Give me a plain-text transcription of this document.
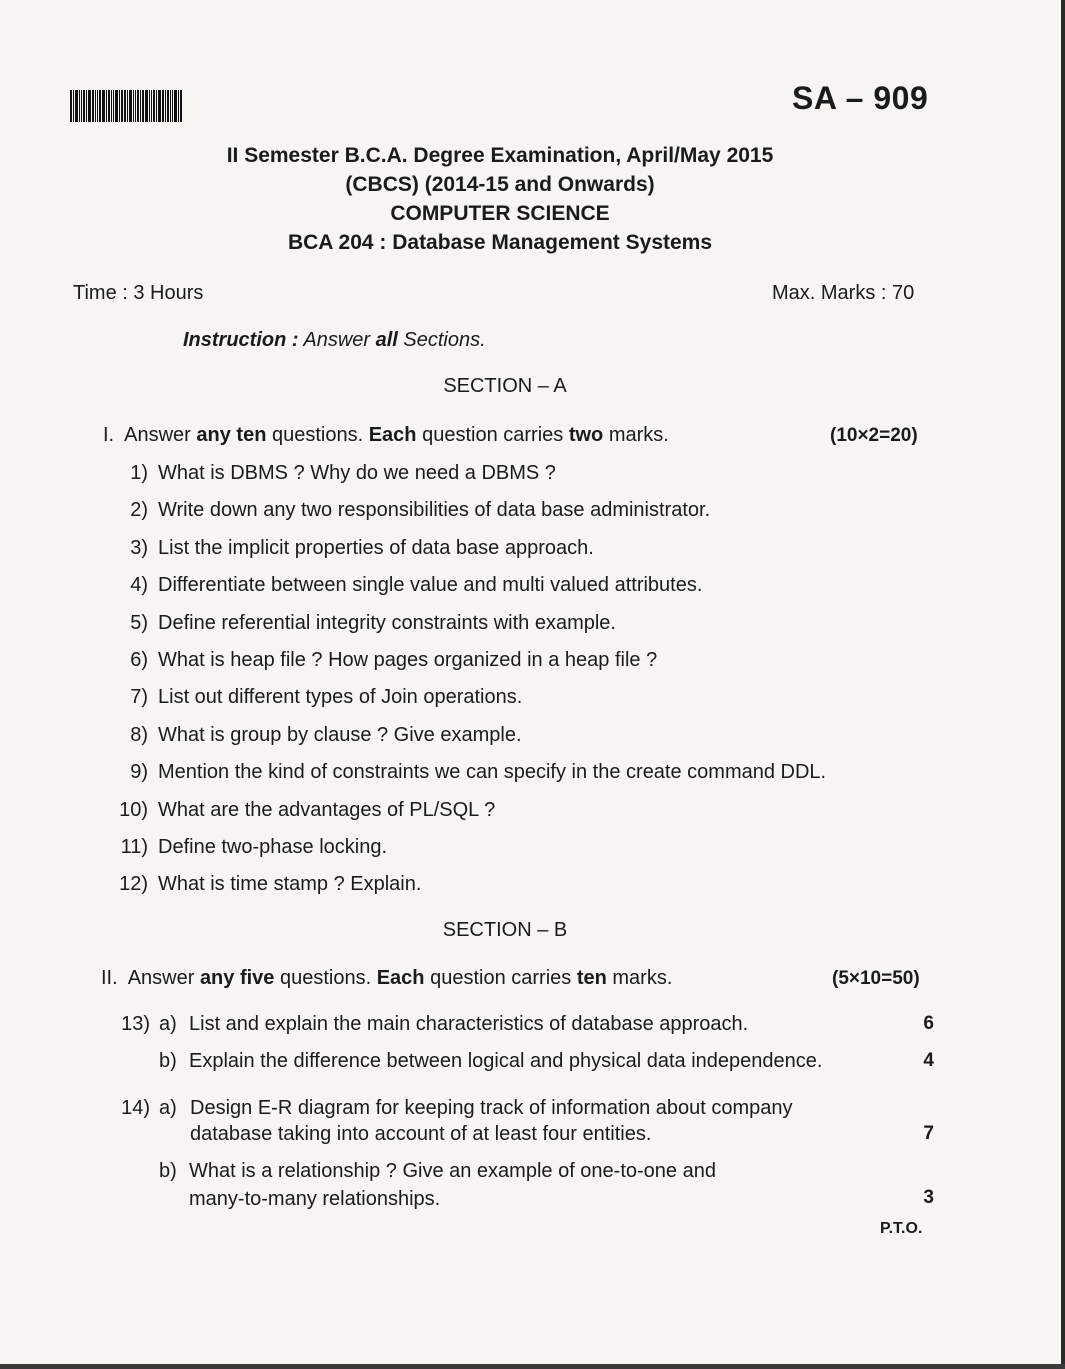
SA – 909
II Semester B.C.A. Degree Examination, April/May 2015
(CBCS) (2014-15 and Onwards)
COMPUTER SCIENCE
BCA 204 : Database Management Systems
Time : 3 Hours	Max. Marks : 70
Instruction : Answer all Sections.
SECTION – A
I. Answer any ten questions. Each question carries two marks.	(10×2=20)
1) What is DBMS ? Why do we need a DBMS ?
2) Write down any two responsibilities of data base administrator.
3) List the implicit properties of data base approach.
4) Differentiate between single value and multi valued attributes.
5) Define referential integrity constraints with example.
6) What is heap file ? How pages organized in a heap file ?
7) List out different types of Join operations.
8) What is group by clause ? Give example.
9) Mention the kind of constraints we can specify in the create command DDL.
10) What are the advantages of PL/SQL ?
11) Define two-phase locking.
12) What is time stamp ? Explain.
SECTION – B
II. Answer any five questions. Each question carries ten marks.	(5×10=50)
13) a) List and explain the main characteristics of database approach.	6
b) Explain the difference between logical and physical data independence.	4
14) a) Design E-R diagram for keeping track of information about company
database taking into account of at least four entities.	7
b) What is a relationship ? Give an example of one-to-one and
many-to-many relationships.	3
P.T.O.
